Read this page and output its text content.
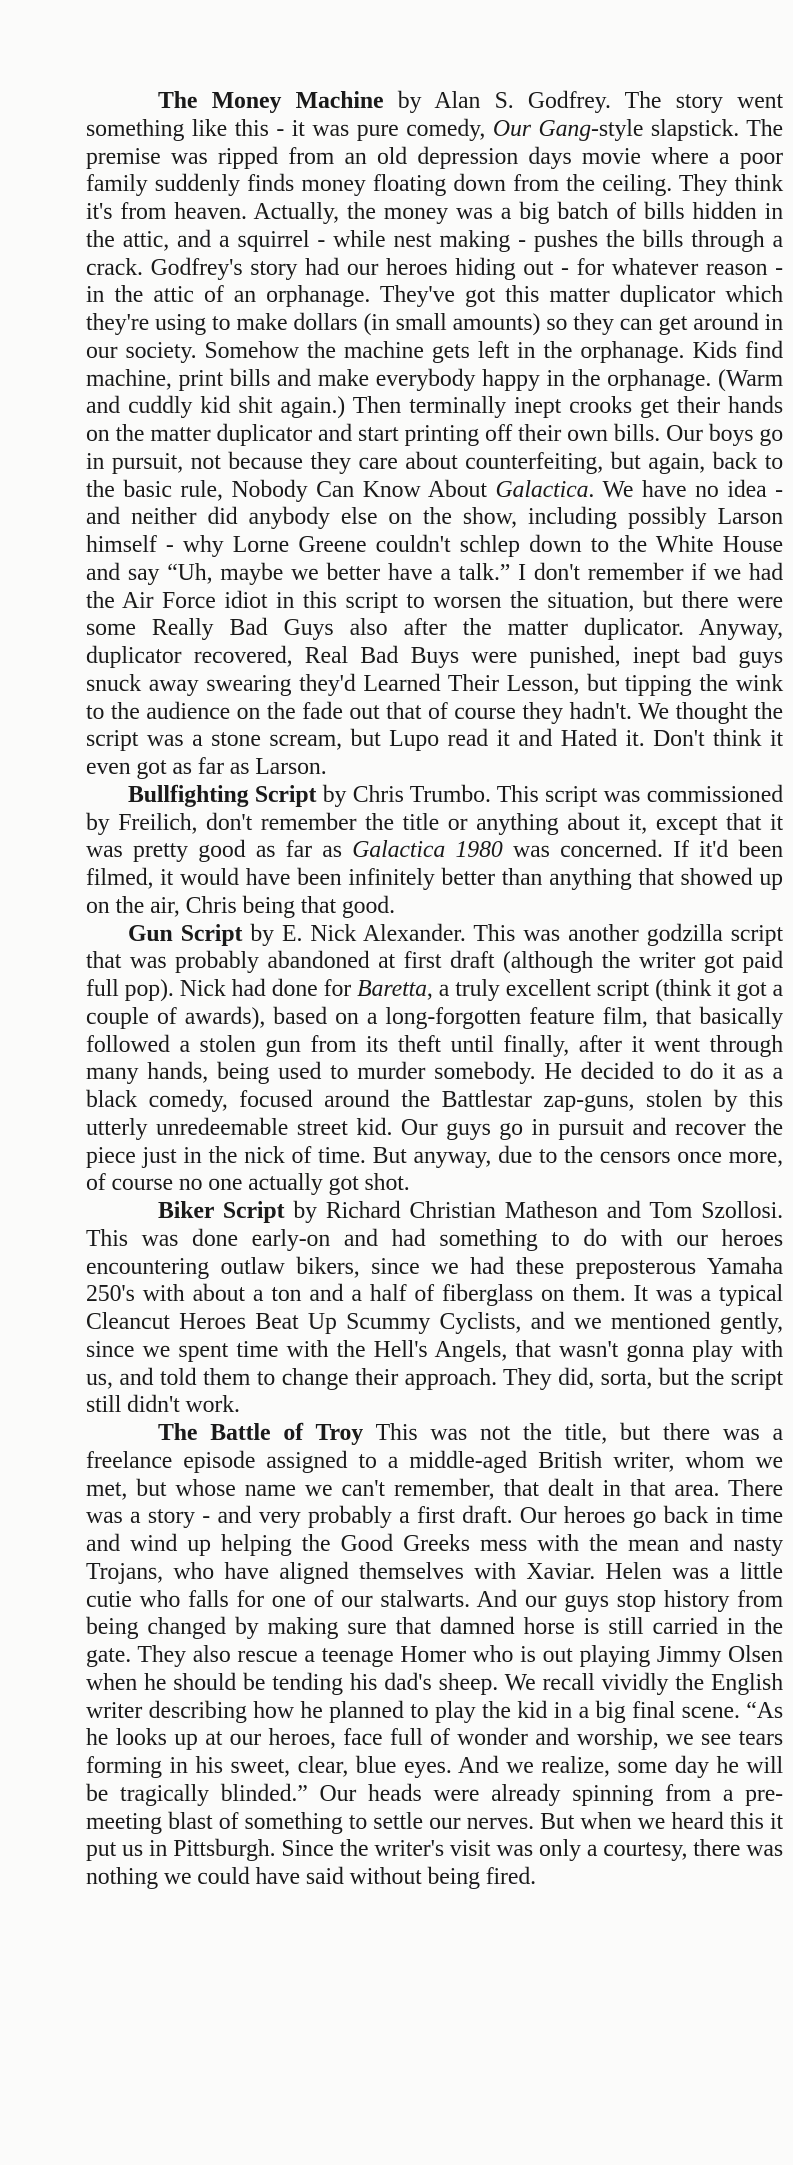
The Money Machine by Alan S. Godfrey. The story went something like this - it was pure comedy, Our Gang-style slapstick. The premise was ripped from an old depression days movie where a poor family suddenly finds money floating down from the ceiling. They think it's from heaven. Actually, the money was a big batch of bills hidden in the attic, and a squirrel - while nest making - pushes the bills through a crack. Godfrey's story had our heroes hiding out - for whatever reason - in the attic of an orphanage. They've got this matter duplicator which they're using to make dollars (in small amounts) so they can get around in our society. Somehow the machine gets left in the orphanage. Kids find machine, print bills and make everybody happy in the orphanage. (Warm and cuddly kid shit again.) Then terminally inept crooks get their hands on the matter duplicator and start printing off their own bills. Our boys go in pursuit, not because they care about counterfeiting, but again, back to the basic rule, Nobody Can Know About Galactica. We have no idea - and neither did anybody else on the show, including possibly Larson himself - why Lorne Greene couldn't schlep down to the White House and say “Uh, maybe we better have a talk.” I don't remember if we had the Air Force idiot in this script to worsen the situation, but there were some Really Bad Guys also after the matter duplicator. Anyway, duplicator recovered, Real Bad Buys were punished, inept bad guys snuck away swearing they'd Learned Their Lesson, but tipping the wink to the audience on the fade out that of course they hadn't. We thought the script was a stone scream, but Lupo read it and Hated it. Don't think it even got as far as Larson.

Bullfighting Script by Chris Trumbo. This script was commissioned by Freilich, don't remember the title or anything about it, except that it was pretty good as far as Galactica 1980 was concerned. If it'd been filmed, it would have been infinitely better than anything that showed up on the air, Chris being that good.

Gun Script by E. Nick Alexander. This was another godzilla script that was probably abandoned at first draft (although the writer got paid full pop). Nick had done for Baretta, a truly excellent script (think it got a couple of awards), based on a long-forgotten feature film, that basically followed a stolen gun from its theft until finally, after it went through many hands, being used to murder somebody. He decided to do it as a black comedy, focused around the Battlestar zap-guns, stolen by this utterly unredeemable street kid. Our guys go in pursuit and recover the piece just in the nick of time. But anyway, due to the censors once more, of course no one actually got shot.

Biker Script by Richard Christian Matheson and Tom Szollosi. This was done early-on and had something to do with our heroes encountering outlaw bikers, since we had these preposterous Yamaha 250's with about a ton and a half of fiberglass on them. It was a typical Cleancut Heroes Beat Up Scummy Cyclists, and we mentioned gently, since we spent time with the Hell's Angels, that wasn't gonna play with us, and told them to change their approach. They did, sorta, but the script still didn't work.

The Battle of Troy This was not the title, but there was a freelance episode assigned to a middle-aged British writer, whom we met, but whose name we can't remember, that dealt in that area. There was a story - and very probably a first draft. Our heroes go back in time and wind up helping the Good Greeks mess with the mean and nasty Trojans, who have aligned themselves with Xaviar. Helen was a little cutie who falls for one of our stalwarts. And our guys stop history from being changed by making sure that damned horse is still carried in the gate. They also rescue a teenage Homer who is out playing Jimmy Olsen when he should be tending his dad's sheep. We recall vividly the English writer describing how he planned to play the kid in a big final scene. “As he looks up at our heroes, face full of wonder and worship, we see tears forming in his sweet, clear, blue eyes. And we realize, some day he will be tragically blinded.” Our heads were already spinning from a pre-meeting blast of something to settle our nerves. But when we heard this it put us in Pittsburgh. Since the writer's visit was only a courtesy, there was nothing we could have said without being fired.
